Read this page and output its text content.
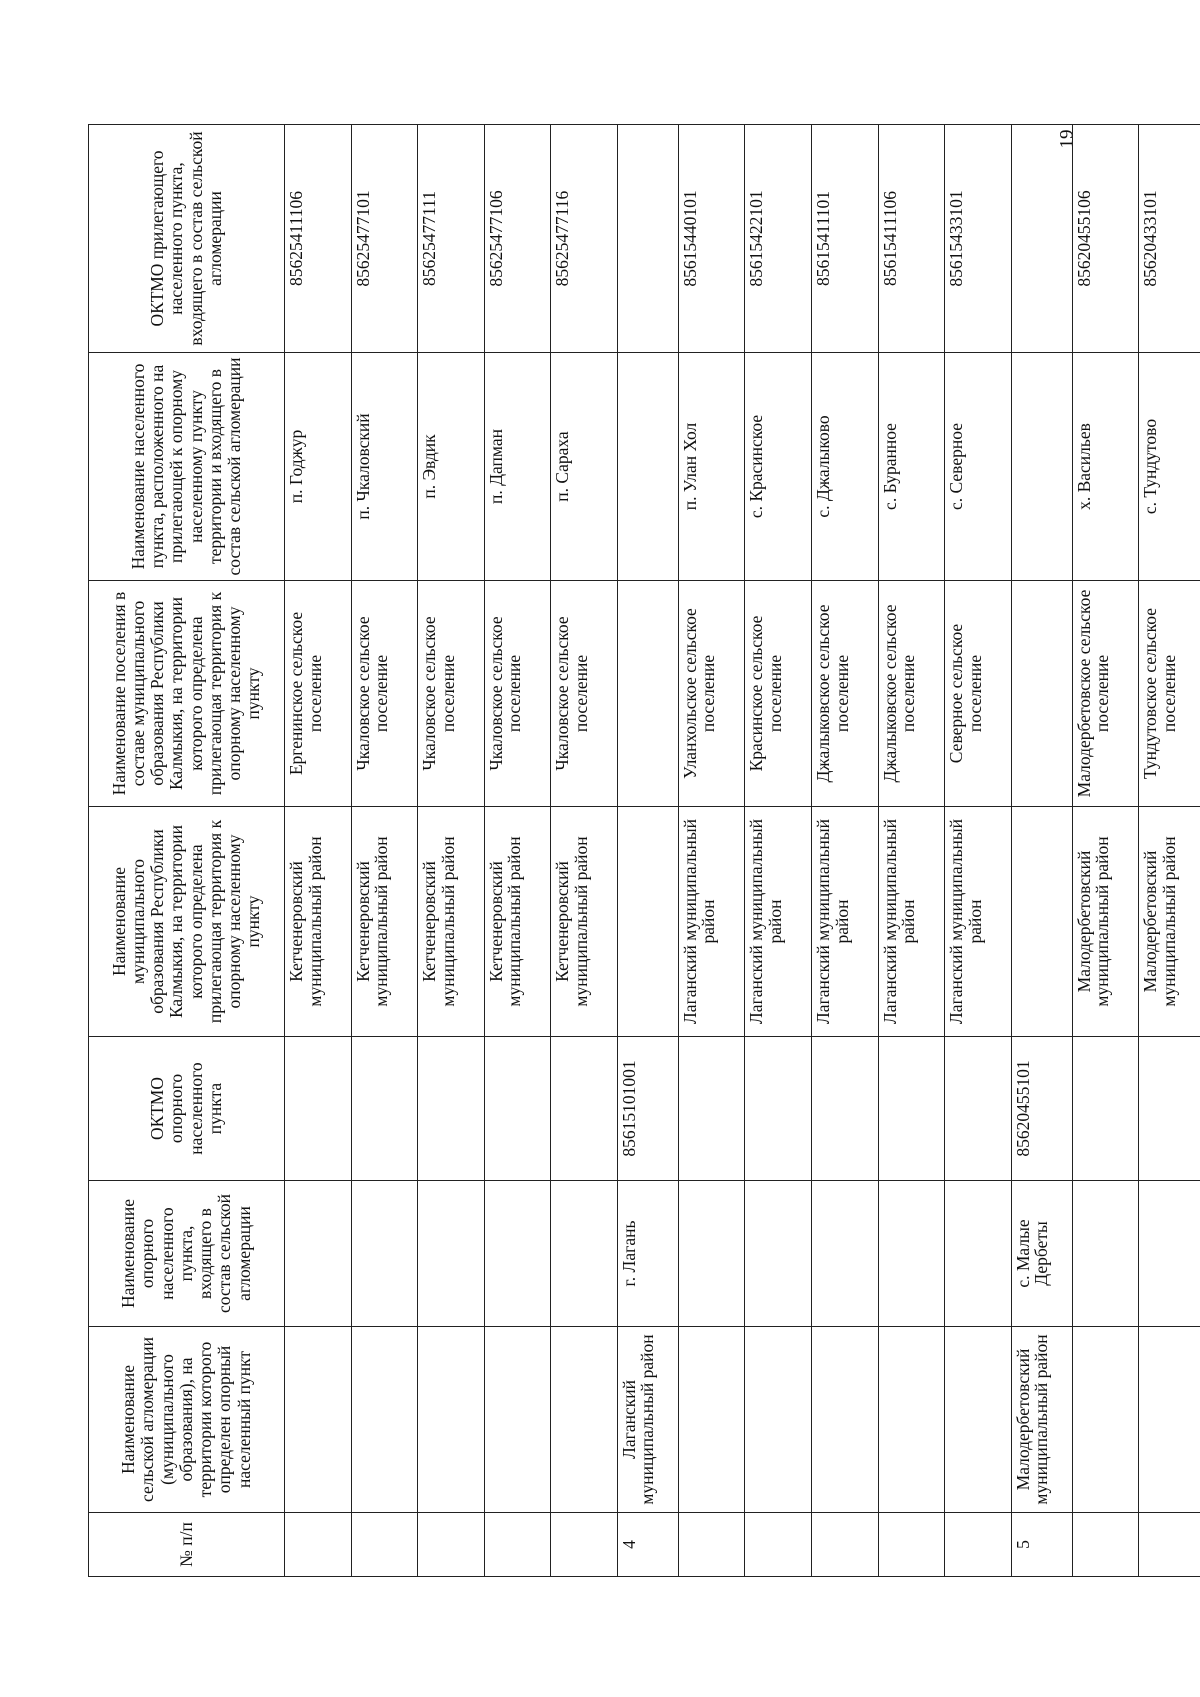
19
№ п/п	Наименование сельской агломерации (муниципального образования), на территории которого определен опорный населенный пункт	Наименование опорного населенного пункта, входящего в состав сельской агломерации	ОКТМО опорного населенного пункта	Наименование муниципального образования Республики Калмыкия, на территории которого определена прилегающая территория к опорному населенному пункту	Наименование поселения в составе муниципального образования Республики Калмыкия, на территории которого определена прилегающая территория к опорному населенному пункту	Наименование населенного пункта, расположенного на прилегающей к опорному населенному пункту территории и входящего в состав сельской агломерации	ОКТМО прилегающего населенного пункта, входящего в состав сельской агломерации
				Кетченеровский муниципальный район	Ергенинское сельское поселение	п. Годжур	85625411106
				Кетченеровский муниципальный район	Чкаловское сельское поселение	п. Чкаловский	85625477101
				Кетченеровский муниципальный район	Чкаловское сельское поселение	п. Эвдик	85625477111
				Кетченеровский муниципальный район	Чкаловское сельское поселение	п. Дапман	85625477106
				Кетченеровский муниципальный район	Чкаловское сельское поселение	п. Сараха	85625477116
4	Лаганский муниципальный район	г. Лагань	85615101001				
				Лаганский муниципальный район	Уланхольское сельское поселение	п. Улан Хол	85615440101
				Лаганский муниципальный район	Красинское сельское поселение	с. Красинское	85615422101
				Лаганский муниципальный район	Джалыковское сельское поселение	с. Джалыково	85615411101
				Лаганский муниципальный район	Джалыковское сельское поселение	с. Буранное	85615411106
				Лаганский муниципальный район	Северное сельское поселение	с. Северное	85615433101
5	Малодербетовский муниципальный район	с. Малые Дербеты	85620455101				
				Малодербетовский муниципальный район	Малодербетовское сельское поселение	х. Васильев	85620455106
				Малодербетовский муниципальный район	Тундутовское сельское поселение	с. Тундутово	85620433101
